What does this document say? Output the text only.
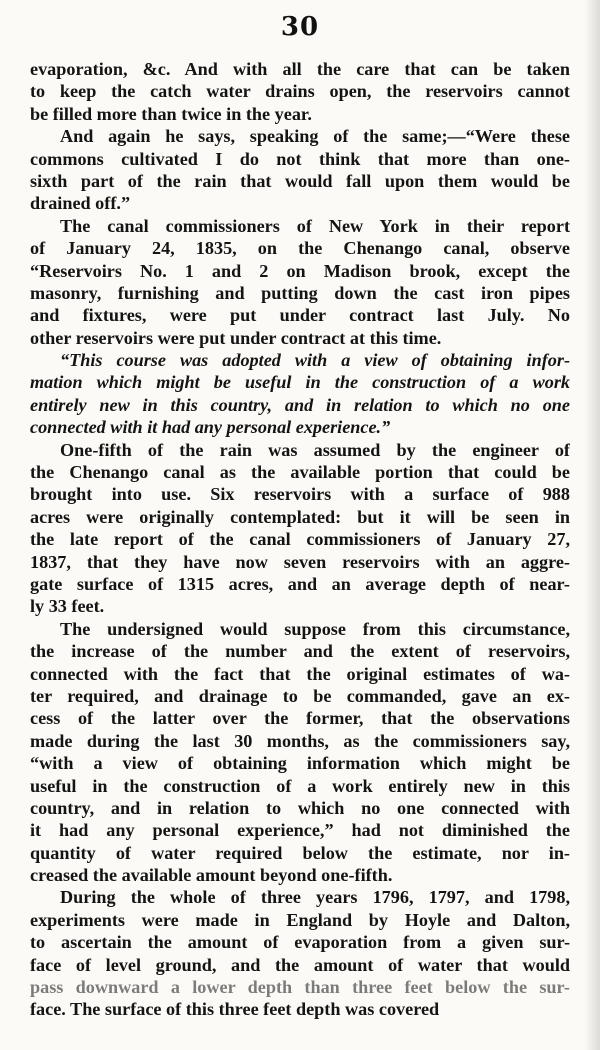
30
evaporation, &c. And with all the care that can be taken
to keep the catch water drains open, the reservoirs cannot
be filled more than twice in the year.
And again he says, speaking of the same;—“Were these
commons cultivated I do not think that more than one-
sixth part of the rain that would fall upon them would be
drained off.”
The canal commissioners of New York in their report
of January 24, 1835, on the Chenango canal, observe
“Reservoirs No. 1 and 2 on Madison brook, except the
masonry, furnishing and putting down the cast iron pipes
and fixtures, were put under contract last July. No
other reservoirs were put under contract at this time.
“This course was adopted with a view of obtaining infor-
mation which might be useful in the construction of a work
entirely new in this country, and in relation to which no one
connected with it had any personal experience.”
One-fifth of the rain was assumed by the engineer of
the Chenango canal as the available portion that could be
brought into use. Six reservoirs with a surface of 988
acres were originally contemplated: but it will be seen in
the late report of the canal commissioners of January 27,
1837, that they have now seven reservoirs with an aggre-
gate surface of 1315 acres, and an average depth of near-
ly 33 feet.
The undersigned would suppose from this circumstance,
the increase of the number and the extent of reservoirs,
connected with the fact that the original estimates of wa-
ter required, and drainage to be commanded, gave an ex-
cess of the latter over the former, that the observations
made during the last 30 months, as the commissioners say,
“with a view of obtaining information which might be
useful in the construction of a work entirely new in this
country, and in relation to which no one connected with
it had any personal experience,” had not diminished the
quantity of water required below the estimate, nor in-
creased the available amount beyond one-fifth.
During the whole of three years 1796, 1797, and 1798,
experiments were made in England by Hoyle and Dalton,
to ascertain the amount of evaporation from a given sur-
face of level ground, and the amount of water that would
pass downward a lower depth than three feet below the sur-
face. The surface of this three feet depth was covered
